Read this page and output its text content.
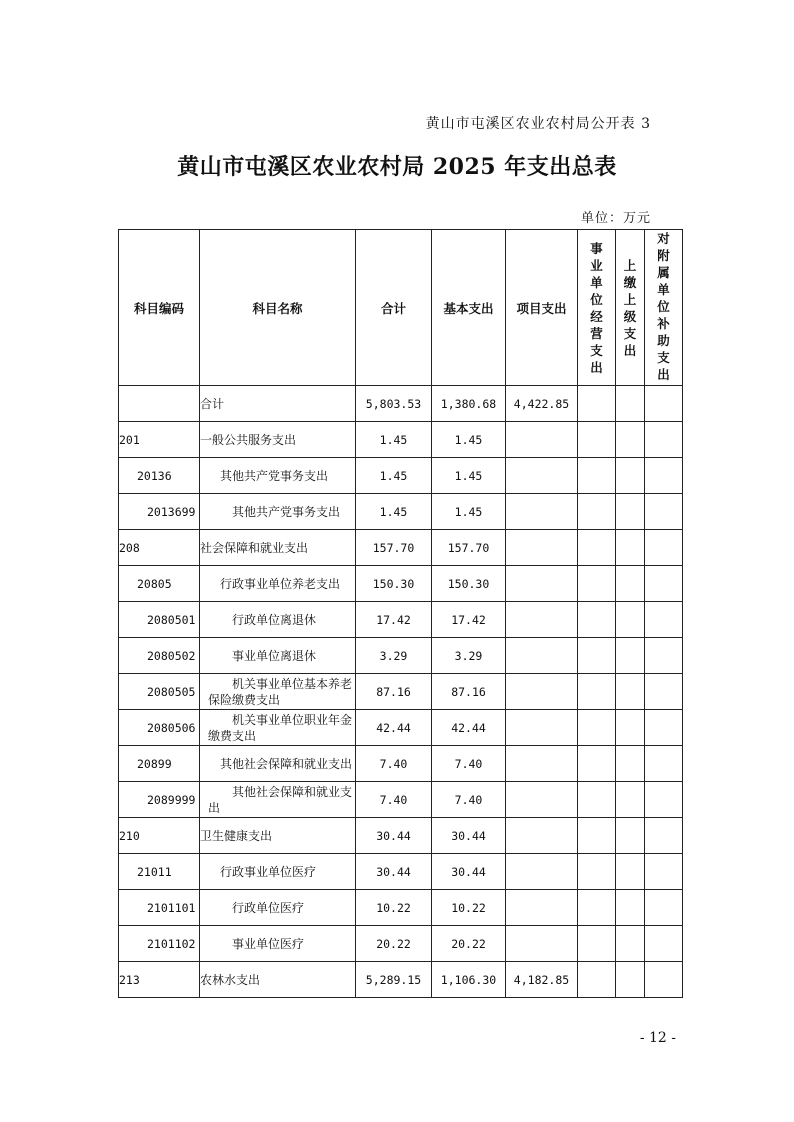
黄山市屯溪区农业农村局公开表 3
黄山市屯溪区农业农村局 2025 年支出总表
单位：万元
科目编码	科目名称	合计	基本支出	项目支出	事业单位经营支出	上缴上级支出	对附属单位补助支出

	合计	5,803.53	1,380.68	4,422.85			
201	一般公共服务支出	1.45	1.45				
20136	其他共产党事务支出	1.45	1.45				
2013699	其他共产党事务支出	1.45	1.45				
208	社会保障和就业支出	157.70	157.70				
20805	行政事业单位养老支出	150.30	150.30				
2080501	行政单位离退休	17.42	17.42				
2080502	事业单位离退休	3.29	3.29				
2080505	机关事业单位基本养老保险缴费支出	87.16	87.16				
2080506	机关事业单位职业年金缴费支出	42.44	42.44				
20899	其他社会保障和就业支出	7.40	7.40				
2089999	其他社会保障和就业支出	7.40	7.40				
210	卫生健康支出	30.44	30.44				
21011	行政事业单位医疗	30.44	30.44				
2101101	行政单位医疗	10.22	10.22				
2101102	事业单位医疗	20.22	20.22				
213	农林水支出	5,289.15	1,106.30	4,182.85			
- 12 -
